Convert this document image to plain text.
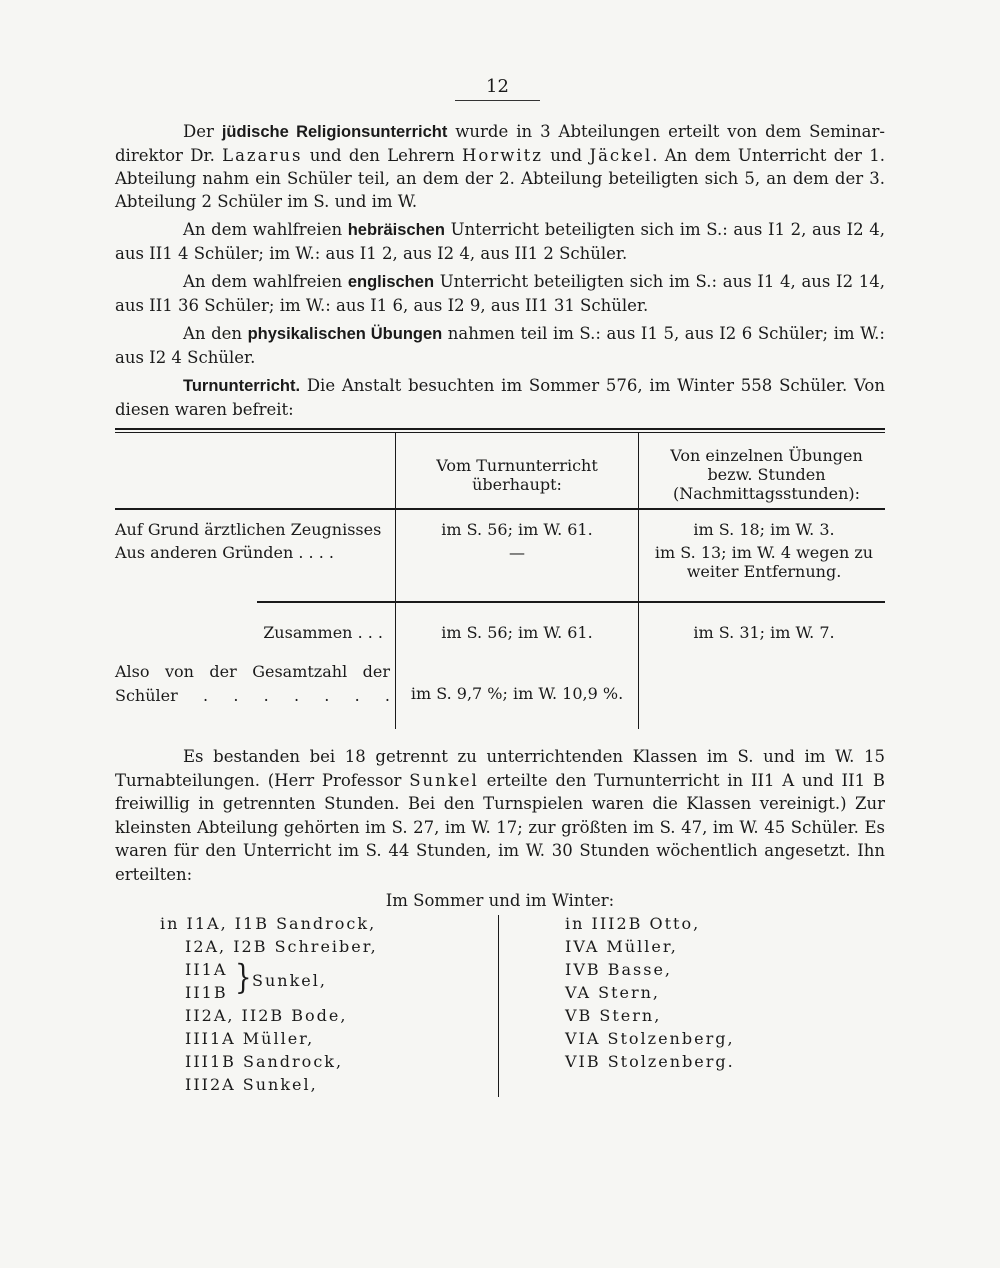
12

Der jüdische Religionsunterricht wurde in 3 Abteilungen erteilt von dem Seminar-direktor Dr. Lazarus und den Lehrern Horwitz und Jäckel. An dem Unterricht der 1. Abteilung nahm ein Schüler teil, an dem der 2. Abteilung beteiligten sich 5, an dem der 3. Abteilung 2 Schüler im S. und im W.

An dem wahlfreien hebräischen Unterricht beteiligten sich im S.: aus I1 2, aus I2 4, aus II1 4 Schüler; im W.: aus I1 2, aus I2 4, aus II1 2 Schüler.

An dem wahlfreien englischen Unterricht beteiligten sich im S.: aus I1 4, aus I2 14, aus II1 36 Schüler; im W.: aus I1 6, aus I2 9, aus II1 31 Schüler.

An den physikalischen Übungen nahmen teil im S.: aus I1 5, aus I2 6 Schüler; im W.: aus I2 4 Schüler.

Turnunterricht. Die Anstalt besuchten im Sommer 576, im Winter 558 Schüler. Von diesen waren befreit:

Vom Turnunterricht überhaupt:
Von einzelnen Übungen bezw. Stunden (Nachmittagsstunden):
Auf Grund ärztlichen Zeugnisses	im S. 56; im W. 61.	im S. 18; im W. 3.
Aus anderen Gründen . . . .	—	im S. 13; im W. 4 wegen zu weiter Entfernung.
Zusammen . . .	im S. 56; im W. 61.	im S. 31; im W. 7.
Also von der Gesamtzahl der Schüler . . . . . . .	im S. 9,7 %; im W. 10,9 %.

Es bestanden bei 18 getrennt zu unterrichtenden Klassen im S. und im W. 15 Turnabteilungen. (Herr Professor Sunkel erteilte den Turnunterricht in II1 A und II1 B freiwillig in getrennten Stunden. Bei den Turnspielen waren die Klassen vereinigt.) Zur kleinsten Abteilung gehörten im S. 27, im W. 17; zur größten im S. 47, im W. 45 Schüler. Es waren für den Unterricht im S. 44 Stunden, im W. 30 Stunden wöchentlich angesetzt. Ihn erteilten:

Im Sommer und im Winter:
in I1A, I1B Sandrock,
I2A, I2B Schreiber,
II1A
II1B } Sunkel,
II2A, II2B Bode,
III1A Müller,
III1B Sandrock,
III2A Sunkel,
in III2B Otto,
IVA Müller,
IVB Basse,
VA Stern,
VB Stern,
VIA Stolzenberg,
VIB Stolzenberg.
